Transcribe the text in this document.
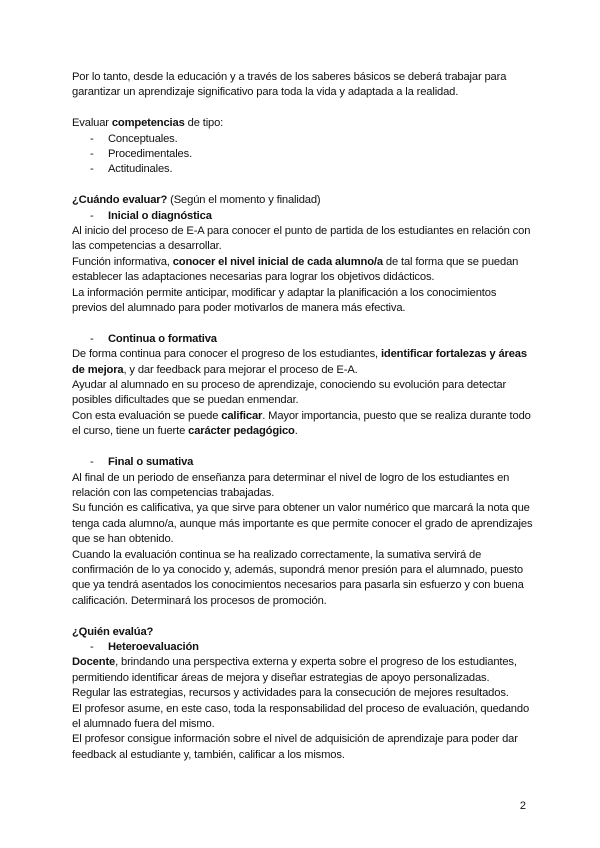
Por lo tanto, desde la educación y a través de los saberes básicos se deberá trabajar para garantizar un aprendizaje significativo para toda la vida y adaptada a la realidad.

Evaluar competencias de tipo:

- Conceptuales.
- Procedimentales.
- Actitudinales.

¿Cuándo evaluar? (Según el momento y finalidad)

- Inicial o diagnóstica

Al inicio del proceso de E-A para conocer el punto de partida de los estudiantes en relación con las competencias a desarrollar.

Función informativa, conocer el nivel inicial de cada alumno/a de tal forma que se puedan establecer las adaptaciones necesarias para lograr los objetivos didácticos.

La información permite anticipar, modificar y adaptar la planificación a los conocimientos previos del alumnado para poder motivarlos de manera más efectiva.

- Continua o formativa

De forma continua para conocer el progreso de los estudiantes, identificar fortalezas y áreas de mejora, y dar feedback para mejorar el proceso de E-A.

Ayudar al alumnado en su proceso de aprendizaje, conociendo su evolución para detectar posibles dificultades que se puedan enmendar.

Con esta evaluación se puede calificar. Mayor importancia, puesto que se realiza durante todo el curso, tiene un fuerte carácter pedagógico.

- Final o sumativa

Al final de un periodo de enseñanza para determinar el nivel de logro de los estudiantes en relación con las competencias trabajadas.

Su función es calificativa, ya que sirve para obtener un valor numérico que marcará la nota que tenga cada alumno/a, aunque más importante es que permite conocer el grado de aprendizajes que se han obtenido.

Cuando la evaluación continua se ha realizado correctamente, la sumativa servirá de confirmación de lo ya conocido y, además, supondrá menor presión para el alumnado, puesto que ya tendrá asentados los conocimientos necesarios para pasarla sin esfuerzo y con buena calificación. Determinará los procesos de promoción.

¿Quién evalúa?

- Heteroevaluación

Docente, brindando una perspectiva externa y experta sobre el progreso de los estudiantes, permitiendo identificar áreas de mejora y diseñar estrategias de apoyo personalizadas.

Regular las estrategias, recursos y actividades para la consecución de mejores resultados.

El profesor asume, en este caso, toda la responsabilidad del proceso de evaluación, quedando el alumnado fuera del mismo.

El profesor consigue información sobre el nivel de adquisición de aprendizaje para poder dar feedback al estudiante y, también, calificar a los mismos.

2
